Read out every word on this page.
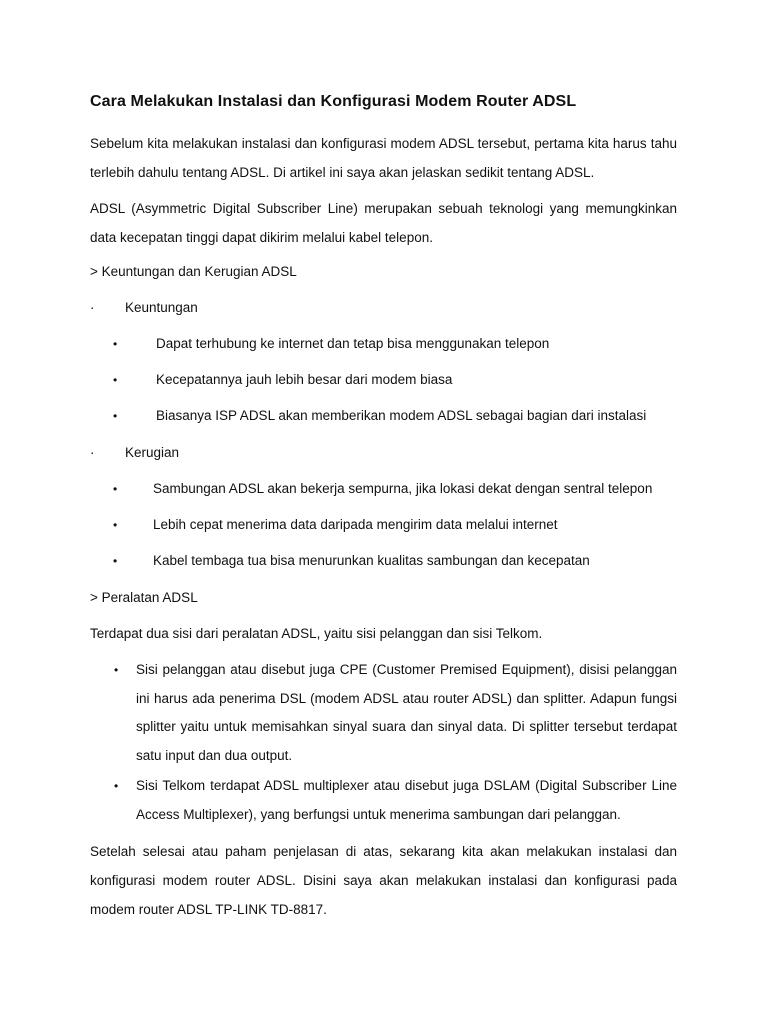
Cara Melakukan Instalasi dan Konfigurasi Modem Router ADSL
Sebelum kita melakukan instalasi dan konfigurasi modem ADSL tersebut, pertama kita harus tahu terlebih dahulu tentang ADSL. Di artikel ini saya akan jelaskan sedikit tentang ADSL.
ADSL (Asymmetric Digital Subscriber Line) merupakan sebuah teknologi yang memungkinkan data kecepatan tinggi dapat dikirim melalui kabel telepon.
> Keuntungan dan Kerugian ADSL
· Keuntungan
•	Dapat terhubung ke internet dan tetap bisa menggunakan telepon
•	Kecepatannya jauh lebih besar dari modem biasa
•	Biasanya ISP ADSL akan memberikan modem ADSL sebagai bagian dari instalasi
· Kerugian
•	Sambungan ADSL akan bekerja sempurna, jika lokasi dekat dengan sentral telepon
•	Lebih cepat menerima data daripada mengirim data melalui internet
•	Kabel tembaga tua bisa menurunkan kualitas sambungan dan kecepatan
> Peralatan ADSL
Terdapat dua sisi dari peralatan ADSL, yaitu sisi pelanggan dan sisi Telkom.
• Sisi pelanggan atau disebut juga CPE (Customer Premised Equipment), disisi pelanggan ini harus ada penerima DSL (modem ADSL atau router ADSL) dan splitter. Adapun fungsi splitter yaitu untuk memisahkan sinyal suara dan sinyal data. Di splitter tersebut terdapat satu input dan dua output.
• Sisi Telkom terdapat ADSL multiplexer atau disebut juga DSLAM (Digital Subscriber Line Access Multiplexer), yang berfungsi untuk menerima sambungan dari pelanggan.
Setelah selesai atau paham penjelasan di atas, sekarang kita akan melakukan instalasi dan konfigurasi modem router ADSL. Disini saya akan melakukan instalasi dan konfigurasi pada modem router ADSL TP-LINK TD-8817.
